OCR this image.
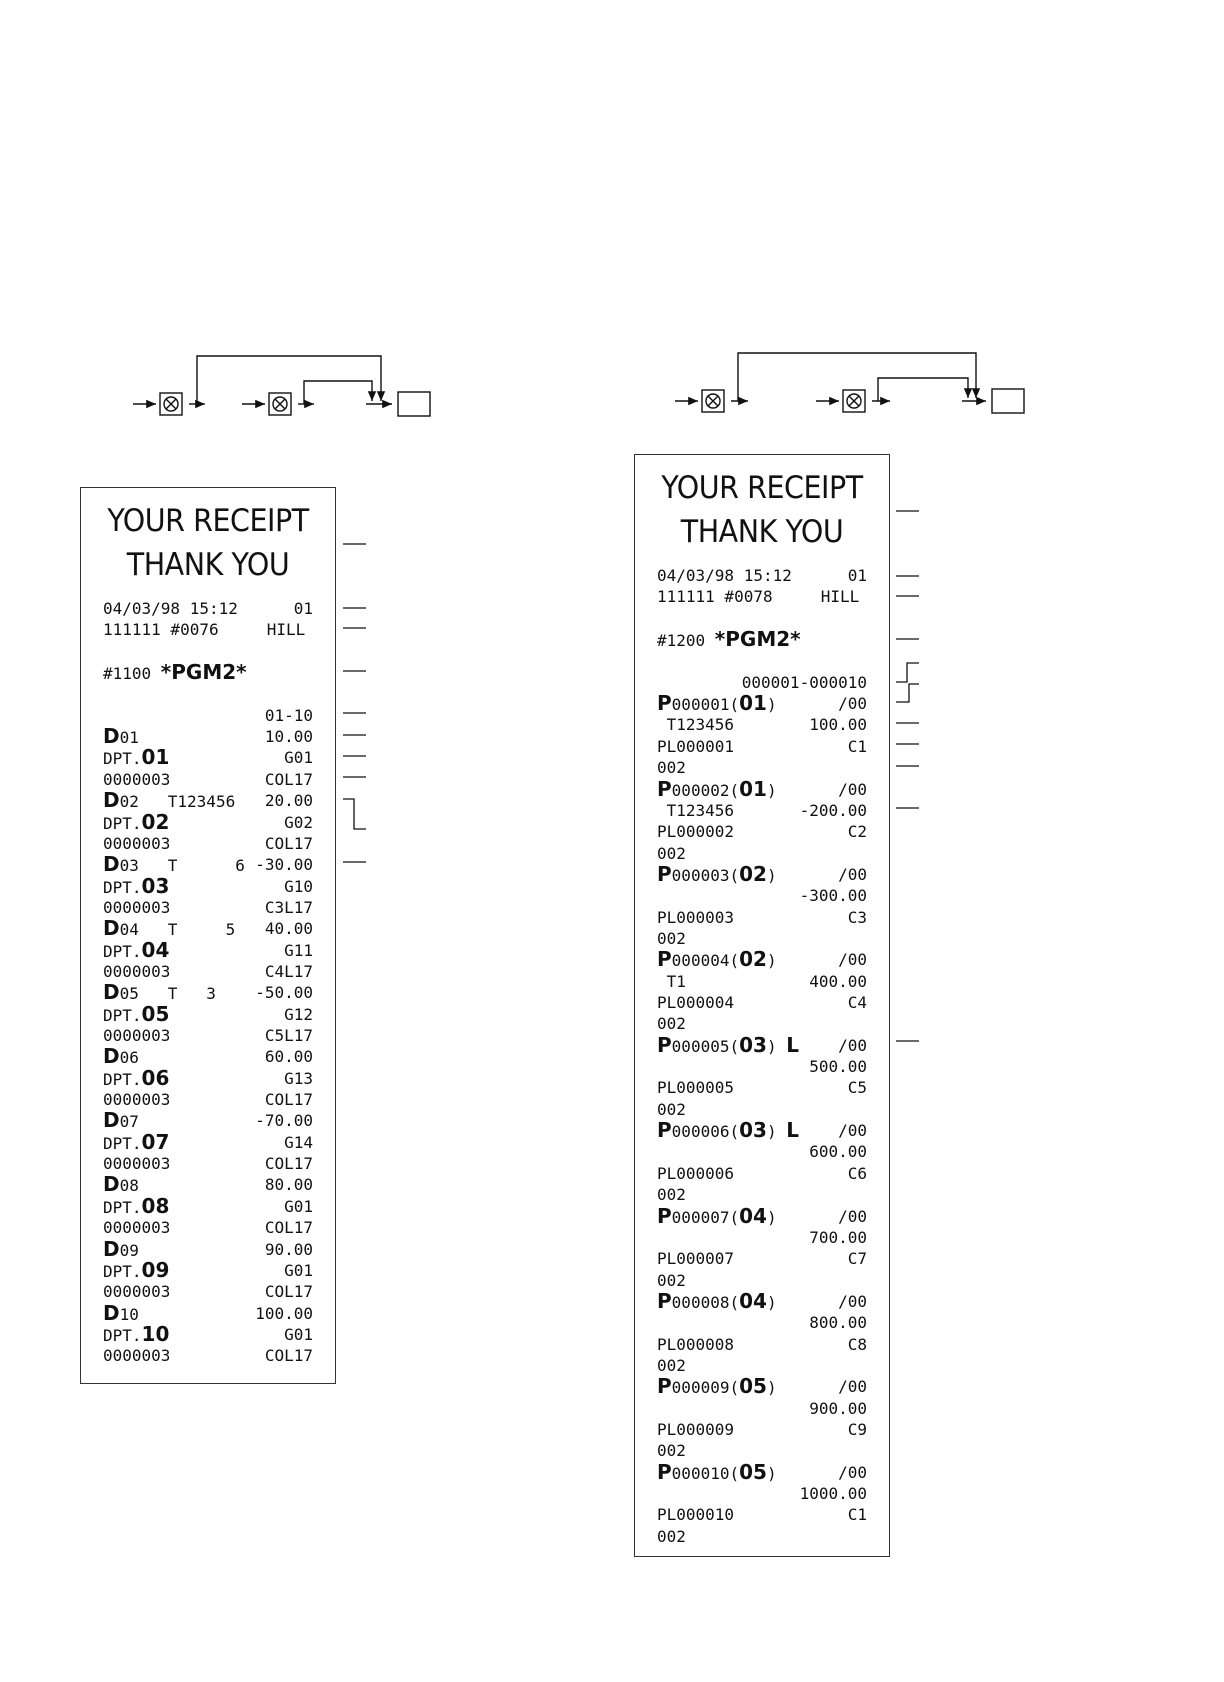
YOUR RECEIPT
THANK YOU
04/03/98 15:12	01
111111 #0076     HILL
#1100 *PGM2*
01-10
D01	10.00
DPT.01	G01
0000003	COL17
D02   T123456 20.00
DPT.02	G02
0000003	COL17
D03   T      6 -30.00
DPT.03	G10
0000003	C3L17
D04   T     5 40.00
DPT.04	G11
0000003	C4L17
D05   T   3 -50.00
DPT.05	G12
0000003	C5L17
D06	60.00
DPT.06	G13
0000003	COL17
D07	-70.00
DPT.07	G14
0000003	COL17
D08	80.00
DPT.08	G01
0000003	COL17
D09	90.00
DPT.09	G01
0000003	COL17
D10	100.00
DPT.10	G01
0000003	COL17
YOUR RECEIPT
THANK YOU
04/03/98 15:12	01
111111 #0078     HILL
#1200 *PGM2*
000001-000010
P000001(01)	/00
T123456	100.00
PL000001	C1
002
P000002(01)	/00
T123456	-200.00
PL000002	C2
002
P000003(02)	/00
-300.00
PL000003	C3
002
P000004(02)	/00
T1	400.00
PL000004	C4
002
P000005(03) L /00
500.00
PL000005	C5
002
P000006(03) L /00
600.00
PL000006	C6
002
P000007(04)	/00
700.00
PL000007	C7
002
P000008(04)	/00
800.00
PL000008	C8
002
P000009(05)	/00
900.00
PL000009	C9
002
P000010(05)	/00
1000.00
PL000010	C1
002
